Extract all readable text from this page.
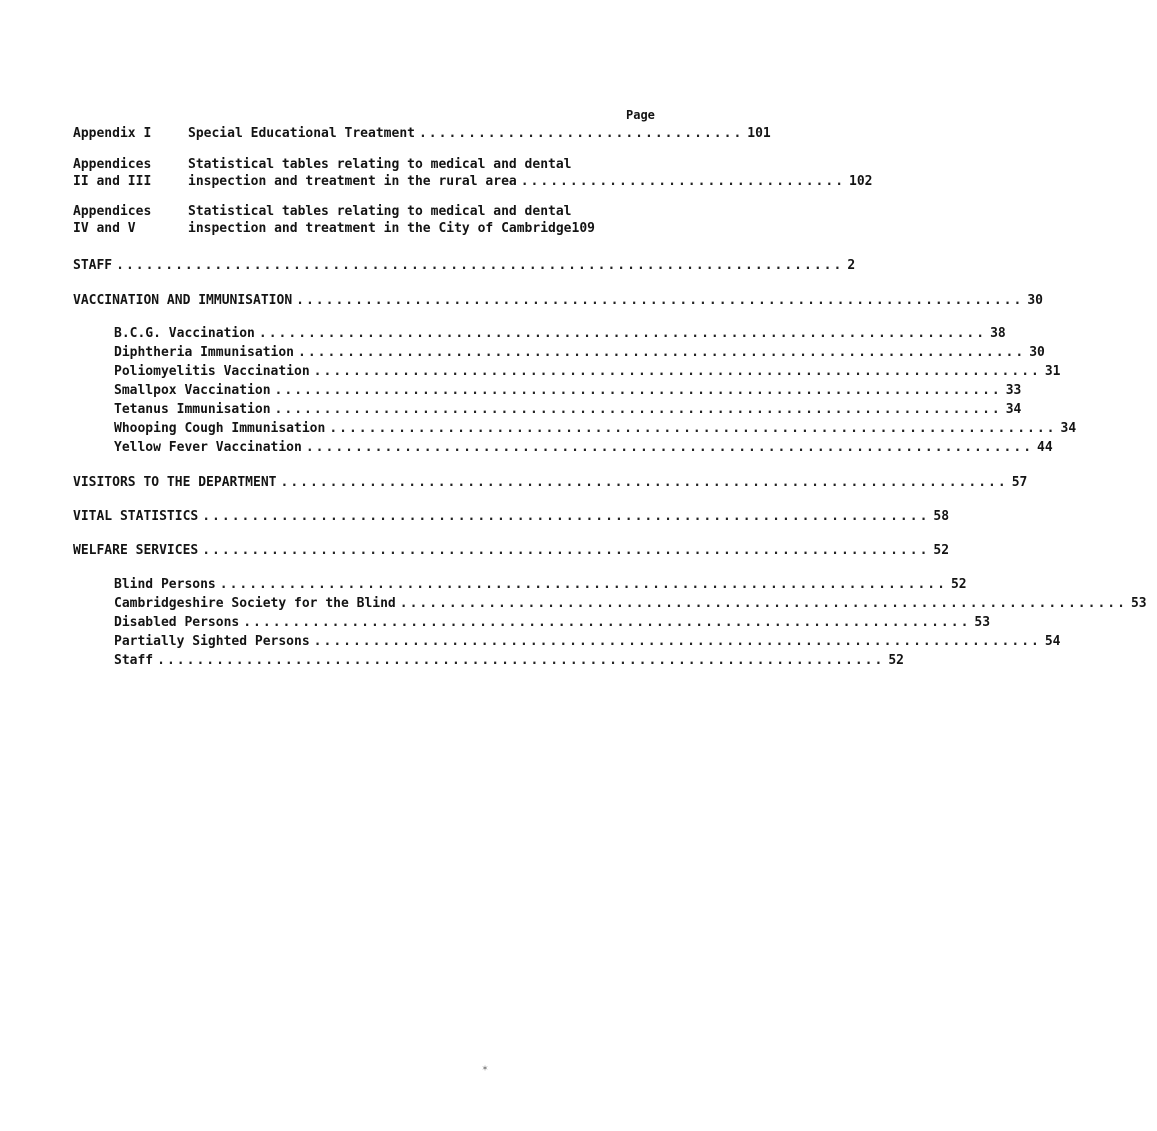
Page
Appendix I	Special Educational Treatment ................................. 101
Appendices
II and III
Statistical tables relating to medical and dental
inspection and treatment in the rural area ................................. 102
Appendices
IV and V
Statistical tables relating to medical and dental
inspection and treatment in the City of Cambridge 109
STAFF .......................................................................... 2
VACCINATION AND IMMUNISATION .......................................................................... 30
B.C.G. Vaccination .......................................................................... 38
Diphtheria Immunisation .......................................................................... 30
Poliomyelitis Vaccination .......................................................................... 31
Smallpox Vaccination .......................................................................... 33
Tetanus Immunisation .......................................................................... 34
Whooping Cough Immunisation .......................................................................... 34
Yellow Fever Vaccination .......................................................................... 44
VISITORS TO THE DEPARTMENT .......................................................................... 57
VITAL STATISTICS .......................................................................... 58
WELFARE SERVICES .......................................................................... 52
Blind Persons .......................................................................... 52
Cambridgeshire Society for the Blind .......................................................................... 53
Disabled Persons .......................................................................... 53
Partially Sighted Persons .......................................................................... 54
Staff .......................................................................... 52
✶
